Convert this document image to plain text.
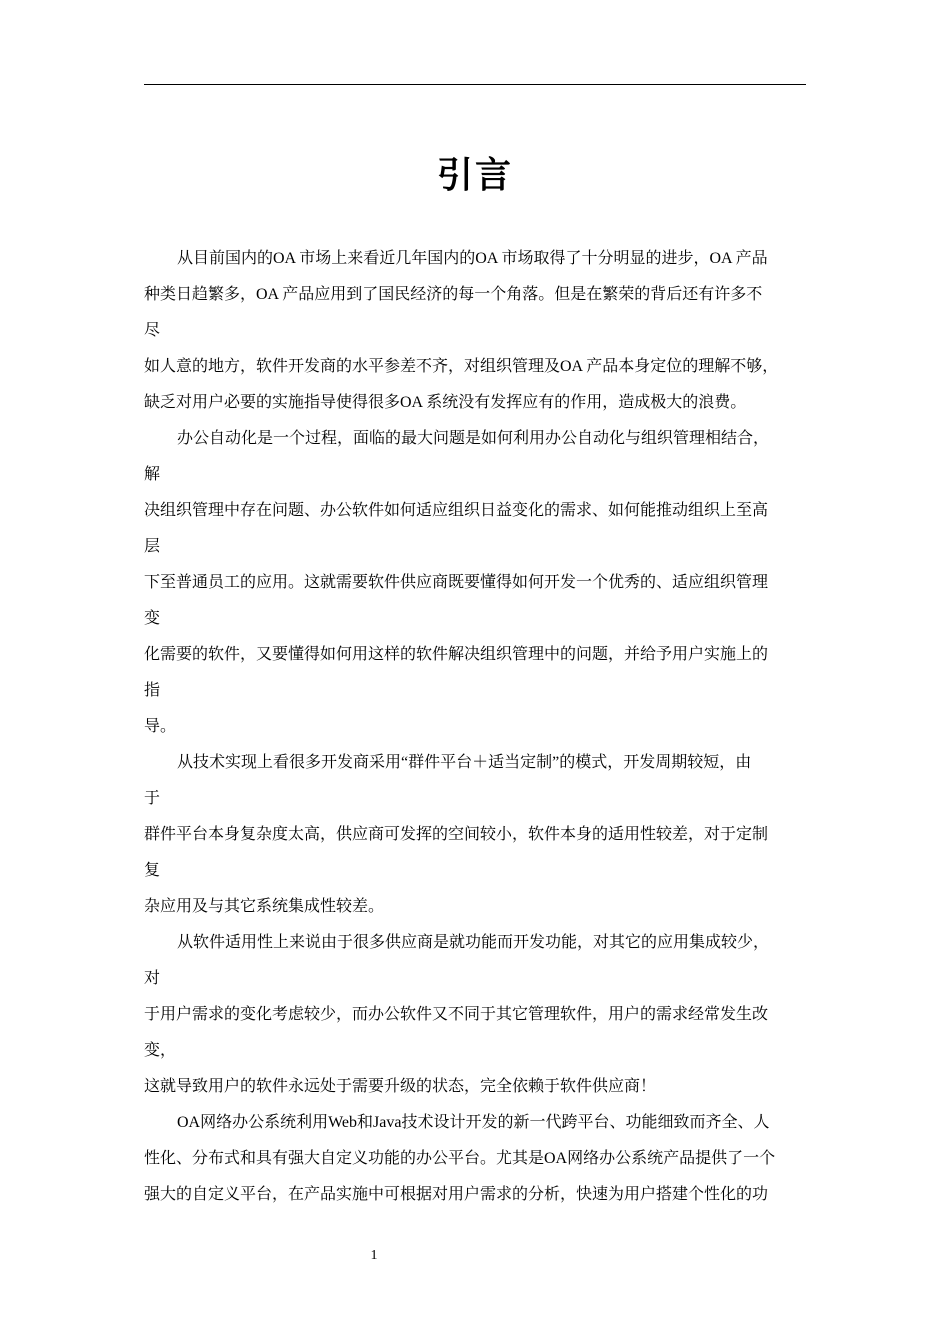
引言
从目前国内的OA 市场上来看近几年国内的OA 市场取得了十分明显的进步，OA 产品
种类日趋繁多，OA 产品应用到了国民经济的每一个角落。但是在繁荣的背后还有许多不
尽
如人意的地方，软件开发商的水平参差不齐，对组织管理及OA 产品本身定位的理解不够，
缺乏对用户必要的实施指导使得很多OA 系统没有发挥应有的作用，造成极大的浪费。
办公自动化是一个过程，面临的最大问题是如何利用办公自动化与组织管理相结合，
解
决组织管理中存在问题、办公软件如何适应组织日益变化的需求、如何能推动组织上至高
层
下至普通员工的应用。这就需要软件供应商既要懂得如何开发一个优秀的、适应组织管理
变
化需要的软件，又要懂得如何用这样的软件解决组织管理中的问题，并给予用户实施上的
指
导。
从技术实现上看很多开发商采用“群件平台＋适当定制”的模式，开发周期较短，由
于
群件平台本身复杂度太高，供应商可发挥的空间较小，软件本身的适用性较差，对于定制
复
杂应用及与其它系统集成性较差。
从软件适用性上来说由于很多供应商是就功能而开发功能，对其它的应用集成较少，
对
于用户需求的变化考虑较少，而办公软件又不同于其它管理软件，用户的需求经常发生改
变，
这就导致用户的软件永远处于需要升级的状态，完全依赖于软件供应商！
OA网络办公系统利用Web和Java技术设计开发的新一代跨平台、功能细致而齐全、人
性化、分布式和具有强大自定义功能的办公平台。尤其是OA网络办公系统产品提供了一个
强大的自定义平台，在产品实施中可根据对用户需求的分析，快速为用户搭建个性化的功
1
